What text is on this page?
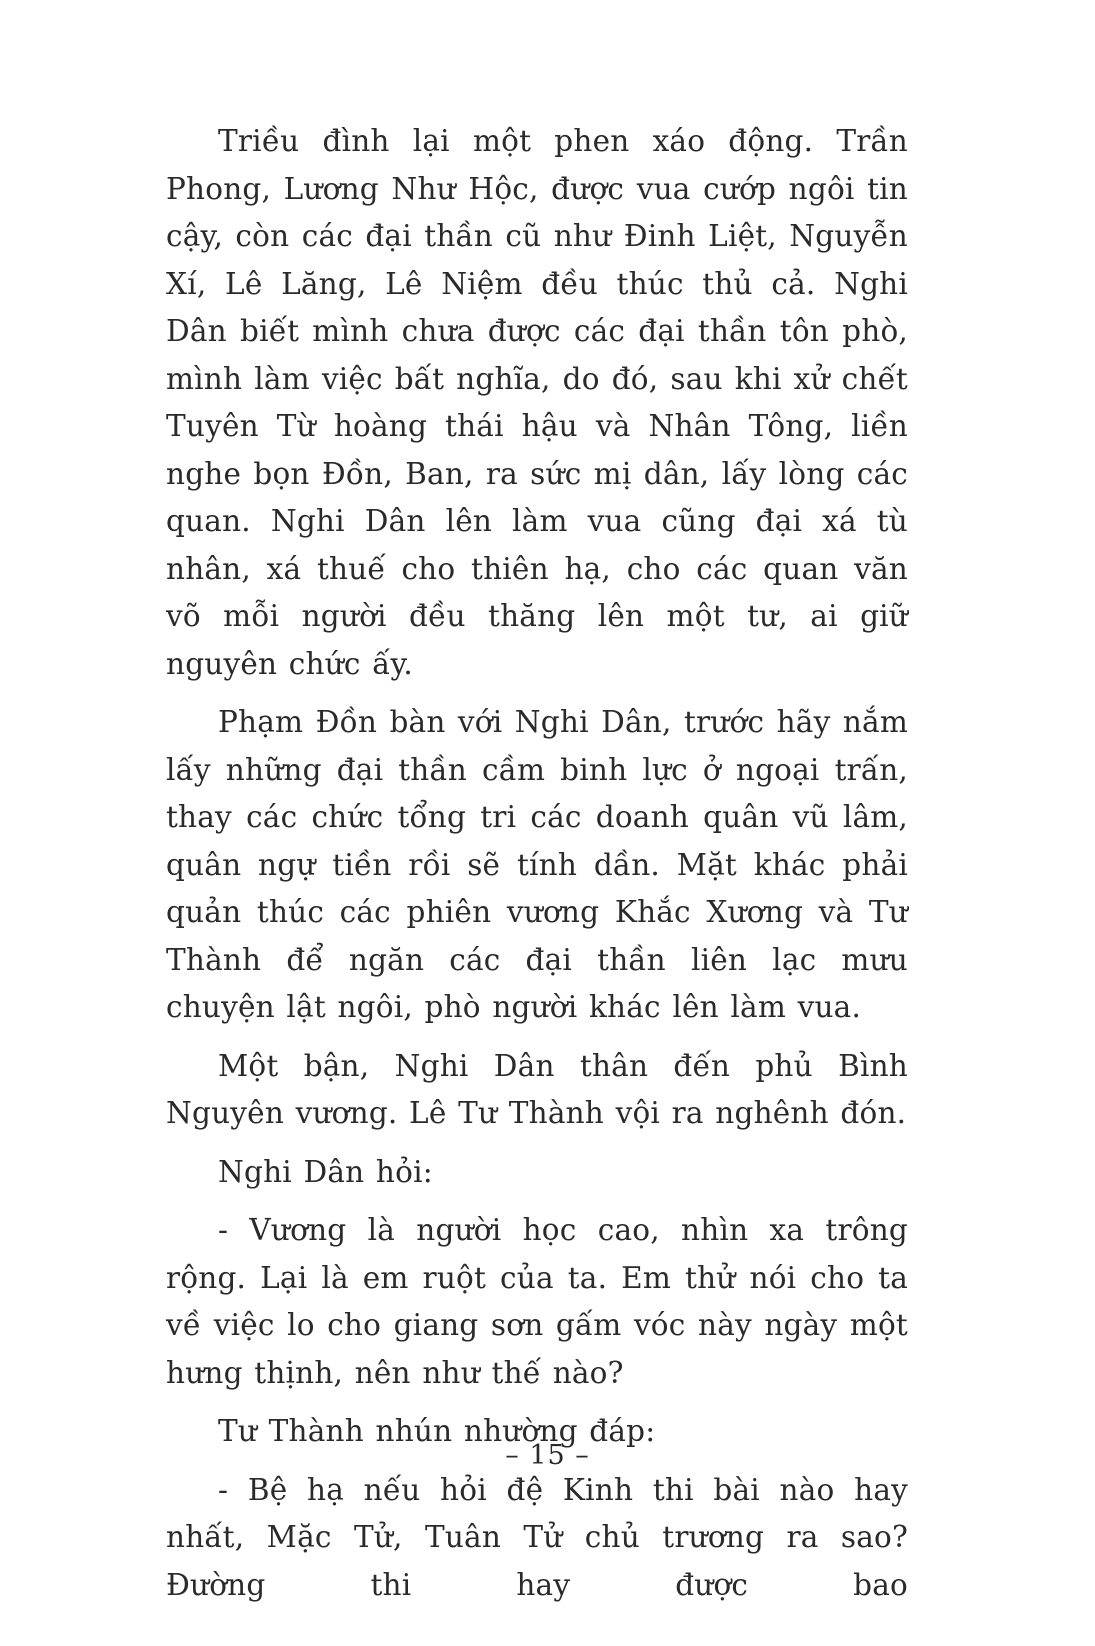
Triều đình lại một phen xáo động. Trần Phong, Lương Như Hộc, được vua cướp ngôi tin cậy, còn các đại thần cũ như Đinh Liệt, Nguyễn Xí, Lê Lăng, Lê Niệm đều thúc thủ cả. Nghi Dân biết mình chưa được các đại thần tôn phò, mình làm việc bất nghĩa, do đó, sau khi xử chết Tuyên Từ hoàng thái hậu và Nhân Tông, liền nghe bọn Đồn, Ban, ra sức mị dân, lấy lòng các quan. Nghi Dân lên làm vua cũng đại xá tù nhân, xá thuế cho thiên hạ, cho các quan văn võ mỗi người đều thăng lên một tư, ai giữ nguyên chức ấy.

Phạm Đồn bàn với Nghi Dân, trước hãy nắm lấy những đại thần cầm binh lực ở ngoại trấn, thay các chức tổng tri các doanh quân vũ lâm, quân ngự tiền rồi sẽ tính dần. Mặt khác phải quản thúc các phiên vương Khắc Xương và Tư Thành để ngăn các đại thần liên lạc mưu chuyện lật ngôi, phò người khác lên làm vua.

Một bận, Nghi Dân thân đến phủ Bình Nguyên vương. Lê Tư Thành vội ra nghênh đón.

Nghi Dân hỏi:

- Vương là người học cao, nhìn xa trông rộng. Lại là em ruột của ta. Em thử nói cho ta về việc lo cho giang sơn gấm vóc này ngày một hưng thịnh, nên như thế nào?

Tư Thành nhún nhường đáp:

- Bệ hạ nếu hỏi đệ Kinh thi bài nào hay nhất, Mặc Tử, Tuân Tử chủ trương ra sao? Đường thi hay được bao

– 15 –
